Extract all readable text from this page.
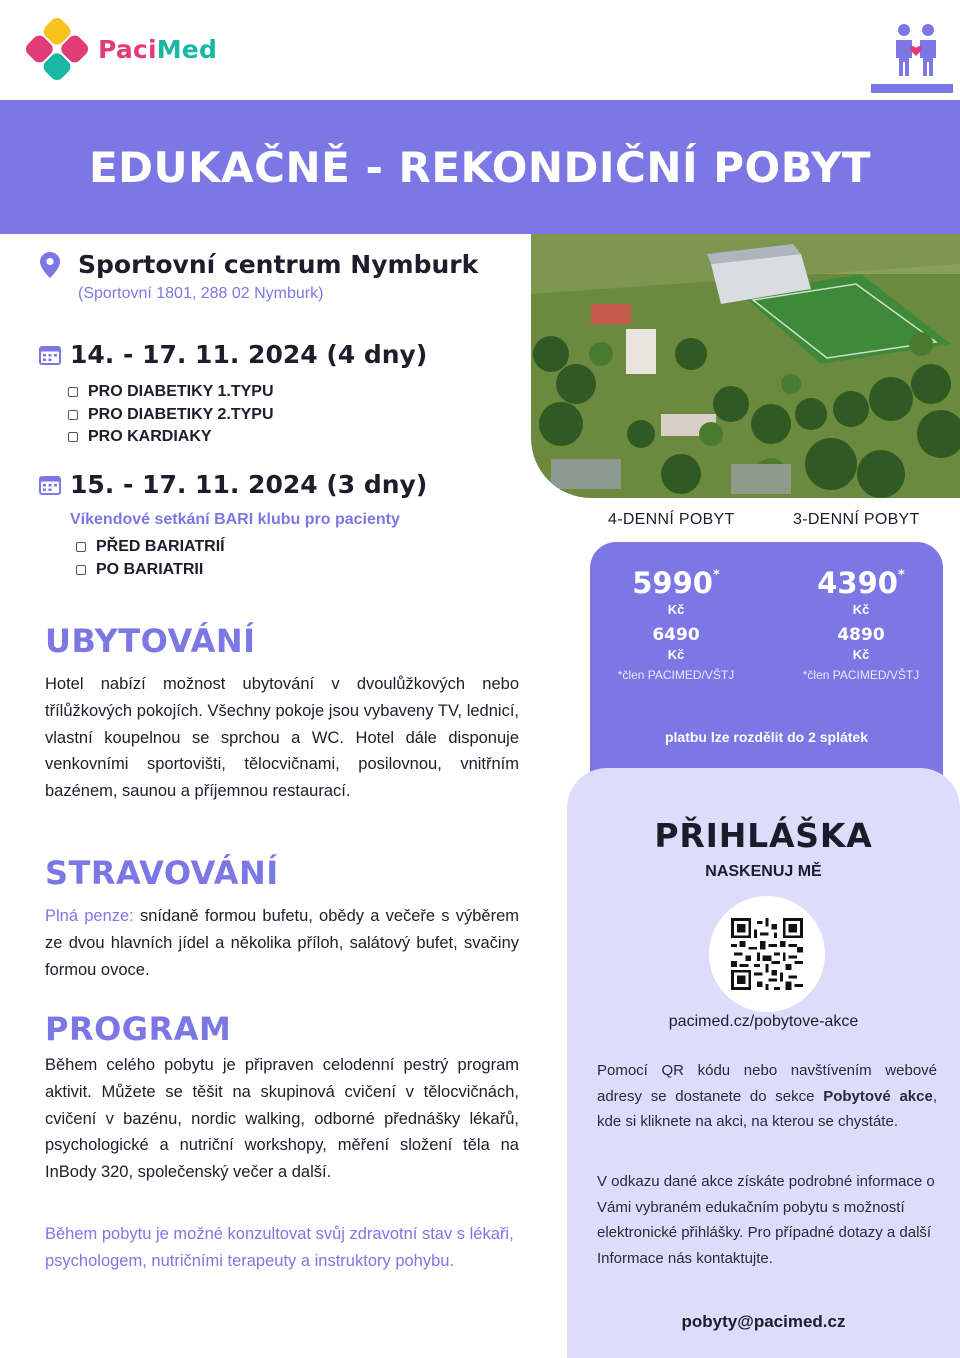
PaciMed
EDUKAČNĚ - REKONDIČNÍ POBYT
Sportovní centrum Nymburk
(Sportovní 1801, 288 02 Nymburk)
14. - 17. 11. 2024 (4 dny)
PRO DIABETIKY 1.TYPU
PRO DIABETIKY 2.TYPU
PRO KARDIAKY
15. - 17. 11. 2024 (3 dny)
Víkendové setkání BARI klubu pro pacienty
PŘED BARIATRIÍ
PO BARIATRII
UBYTOVÁNÍ

Hotel nabízí možnost ubytování v dvoulůžkových nebo třílůžkových pokojích. Všechny pokoje jsou vybaveny TV, lednicí, vlastní koupelnou se sprchou a WC. Hotel dále disponuje venkovními sportovišti, tělocvičnami, posilovnou, vnitřním bazénem, saunou a příjemnou restaurací.

STRAVOVÁNÍ

Plná penze: snídaně formou bufetu, obědy a večeře s výběrem ze dvou hlavních jídel a několika příloh, salátový bufet, svačiny formou ovoce.

PROGRAM

Během celého pobytu je připraven celodenní pestrý program aktivit. Můžete se těšit na skupinová cvičení v tělocvičnách, cvičení v bazénu, nordic walking, odborné přednášky lékařů, psychologické a nutriční workshopy, měření složení těla na InBody 320, společenský večer a další.

Během pobytu je možné konzultovat svůj zdravotní stav s lékaři, psychologem, nutričními terapeuty a instruktory pohybu.

4-DENNÍ POBYT	3-DENNÍ POBYT
5990*
Kč
6490
Kč
*člen PACIMED/VŠTJ
4390*
Kč
4890
Kč
*člen PACIMED/VŠTJ
platbu lze rozdělit do 2 splátek
PŘIHLÁŠKA
NASKENUJ MĚ
pacimed.cz/pobytove-akce

Pomocí QR kódu nebo navštívením webové adresy se dostanete do sekce Pobytové akce, kde si kliknete na akci, na kterou se chystáte.

V odkazu dané akce získáte podrobné informace o Vámi vybraném edukačním pobytu s možností elektronické přihlášky. Pro případné dotazy a další Informace nás kontaktujte.

pobyty@pacimed.cz
